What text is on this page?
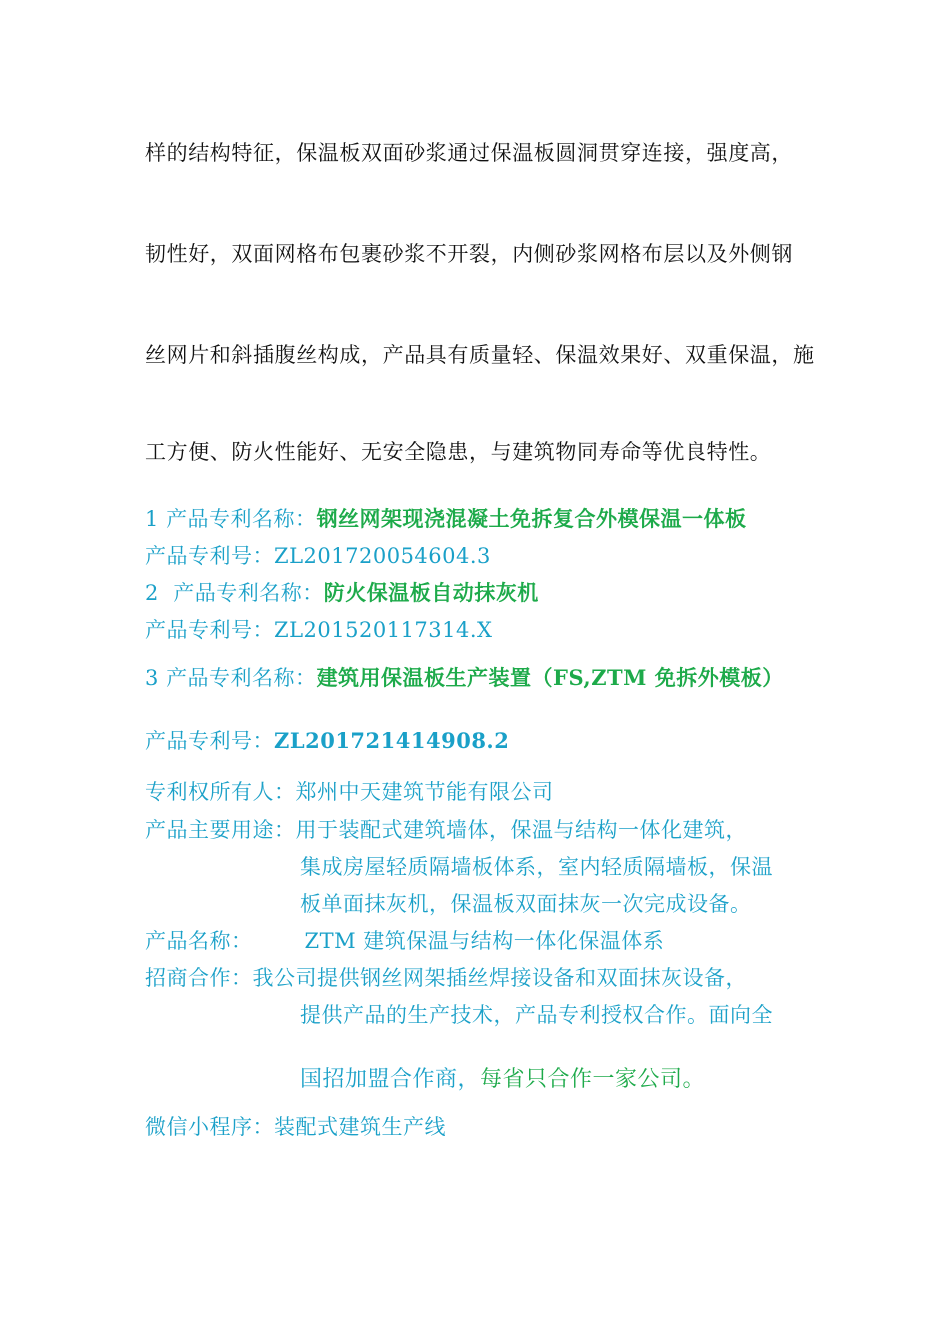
样的结构特征，保温板双面砂浆通过保温板圆洞贯穿连接，强度高，
韧性好，双面网格布包裹砂浆不开裂，内侧砂浆网格布层以及外侧钢
丝网片和斜插腹丝构成，产品具有质量轻、保温效果好、双重保温，施
工方便、防火性能好、无安全隐患，与建筑物同寿命等优良特性。
1 产品专利名称：钢丝网架现浇混凝土免拆复合外模保温一体板
产品专利号：ZL201720054604.3
2 产品专利名称：防火保温板自动抹灰机
产品专利号：ZL201520117314.X
3 产品专利名称：建筑用保温板生产装置（FS,ZTM 免拆外模板）
产品专利号：ZL201721414908.2
专利权所有人：郑州中天建筑节能有限公司
产品主要用途：用于装配式建筑墙体，保温与结构一体化建筑，
集成房屋轻质隔墙板体系，室内轻质隔墙板，保温
板单面抹灰机，保温板双面抹灰一次完成设备。
产品名称： ZTM 建筑保温与结构一体化保温体系
招商合作：我公司提供钢丝网架插丝焊接设备和双面抹灰设备，
提供产品的生产技术，产品专利授权合作。面向全
国招加盟合作商，每省只合作一家公司。
微信小程序：装配式建筑生产线
